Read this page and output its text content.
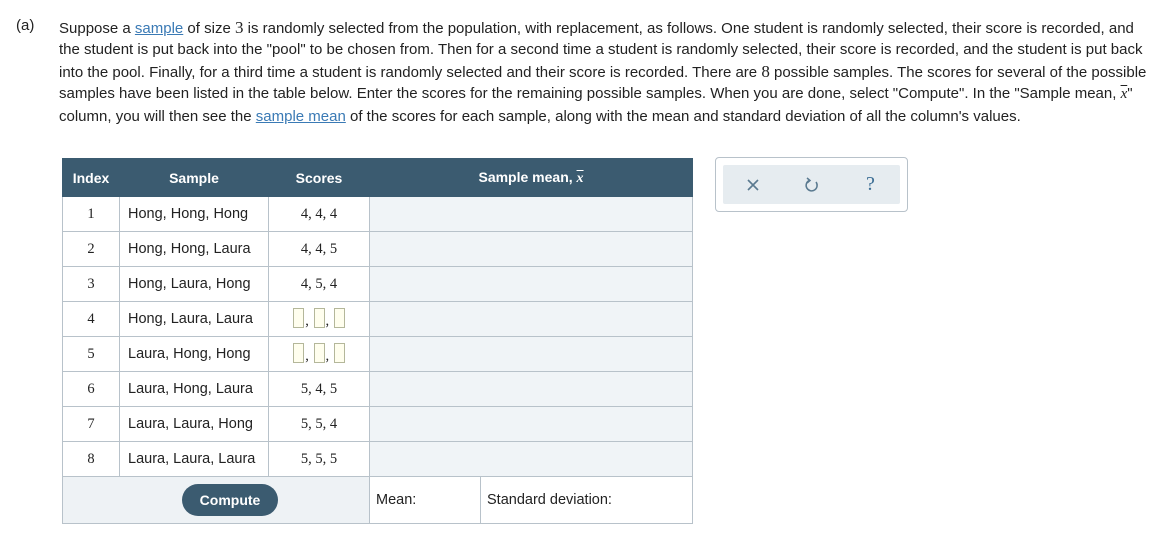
(a) Suppose a sample of size 3 is randomly selected from the population, with replacement, as follows. One student is randomly selected, their score is recorded, and the student is put back into the "pool" to be chosen from. Then for a second time a student is randomly selected, their score is recorded, and the student is put back into the pool. Finally, for a third time a student is randomly selected and their score is recorded. There are 8 possible samples. The scores for several of the possible samples have been listed in the table below. Enter the scores for the remaining possible samples. When you are done, select "Compute". In the "Sample mean, $\overline{x}$" column, you will then see the sample mean of the scores for each sample, along with the mean and standard deviation of all the column's values.
Index	Sample	Scores	Sample mean, $\overline{x}$
1	Hong, Hong, Hong	4, 4, 4		
2	Hong, Hong, Laura	4, 4, 5		
3	Hong, Laura, Hong	4, 5, 4		
4	Hong, Laura, Laura	, ,		
5	Laura, Hong, Hong	, ,		
6	Laura, Hong, Laura	5, 4, 5		
7	Laura, Laura, Hong	5, 5, 4		
8	Laura, Laura, Laura	5, 5, 5		

Compute			Mean:	Standard deviation:
?
